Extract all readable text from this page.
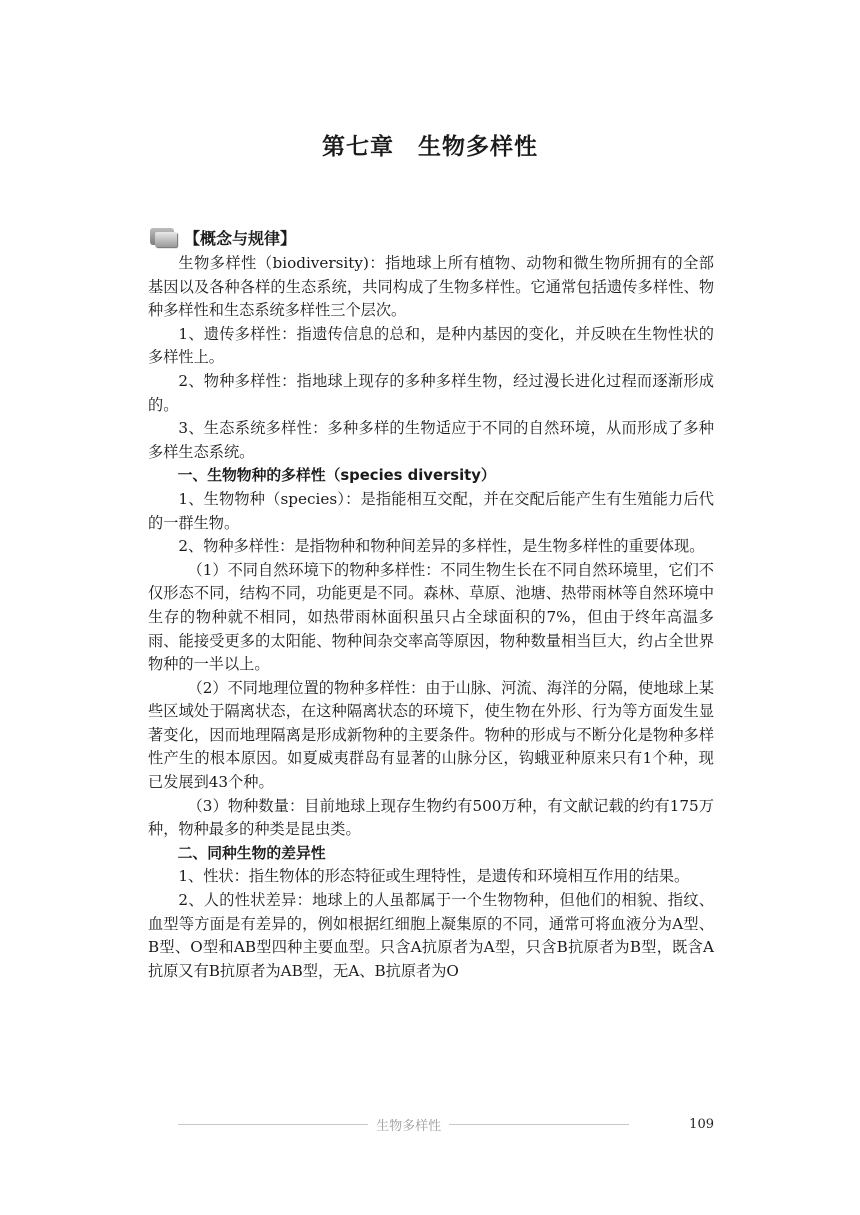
第七章　生物多样性
【概念与规律】

生物多样性（biodiversity)：指地球上所有植物、动物和微生物所拥有的全部基因以及各种各样的生态系统，共同构成了生物多样性。它通常包括遗传多样性、物种多样性和生态系统多样性三个层次。

1、遗传多样性：指遗传信息的总和，是种内基因的变化，并反映在生物性状的多样性上。

2、物种多样性：指地球上现存的多种多样生物，经过漫长进化过程而逐渐形成的。

3、生态系统多样性：多种多样的生物适应于不同的自然环境，从而形成了多种多样生态系统。

一、生物物种的多样性（species diversity）

1、生物物种（species）：是指能相互交配，并在交配后能产生有生殖能力后代的一群生物。

2、物种多样性：是指物种和物种间差异的多样性，是生物多样性的重要体现。

（1）不同自然环境下的物种多样性：不同生物生长在不同自然环境里，它们不仅形态不同，结构不同，功能更是不同。森林、草原、池塘、热带雨林等自然环境中生存的物种就不相同，如热带雨林面积虽只占全球面积的7%，但由于终年高温多雨、能接受更多的太阳能、物种间杂交率高等原因，物种数量相当巨大，约占全世界物种的一半以上。

（2）不同地理位置的物种多样性：由于山脉、河流、海洋的分隔，使地球上某些区域处于隔离状态，在这种隔离状态的环境下，使生物在外形、行为等方面发生显著变化，因而地理隔离是形成新物种的主要条件。物种的形成与不断分化是物种多样性产生的根本原因。如夏威夷群岛有显著的山脉分区，钩蛾亚种原来只有1个种，现已发展到43个种。

（3）物种数量：目前地球上现存生物约有500万种，有文献记载的约有175万种，物种最多的种类是昆虫类。

二、同种生物的差异性

1、性状：指生物体的形态特征或生理特性，是遗传和环境相互作用的结果。

2、人的性状差异：地球上的人虽都属于一个生物物种，但他们的相貌、指纹、血型等方面是有差异的，例如根据红细胞上凝集原的不同，通常可将血液分为A型、B型、O型和AB型四种主要血型。只含A抗原者为A型，只含B抗原者为B型，既含A抗原又有B抗原者为AB型，无A、B抗原者为O

生物多样性	109
